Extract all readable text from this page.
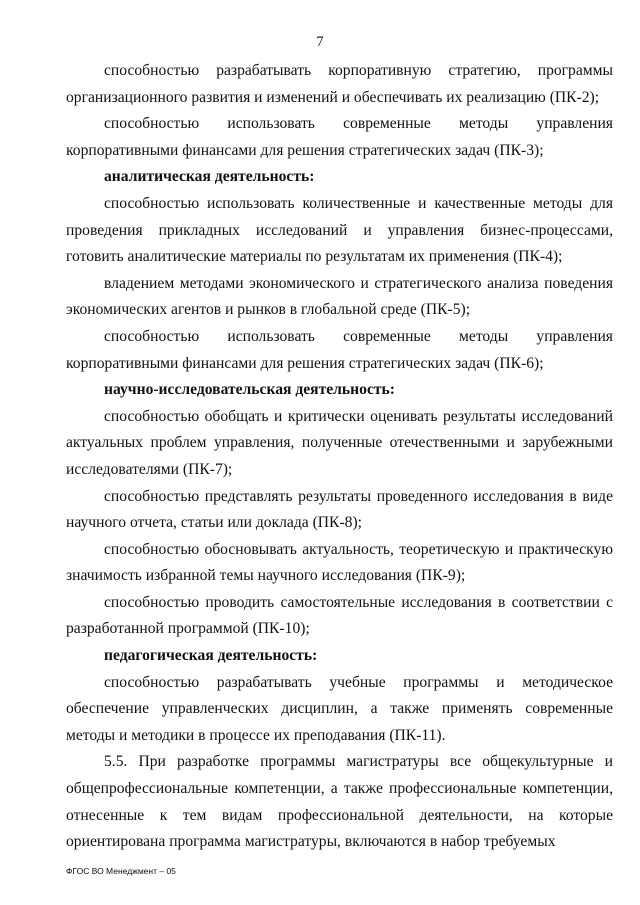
7

способностью разрабатывать корпоративную стратегию, программы организационного развития и изменений и обеспечивать их реализацию (ПК-2);

способностью использовать современные методы управления корпоративными финансами для решения стратегических задач (ПК-3);

аналитическая деятельность:

способностью использовать количественные и качественные методы для проведения прикладных исследований и управления бизнес-процессами, готовить аналитические материалы по результатам их применения (ПК-4);

владением методами экономического и стратегического анализа поведения экономических агентов и рынков в глобальной среде (ПК-5);

способностью использовать современные методы управления корпоративными финансами для решения стратегических задач (ПК-6);

научно-исследовательская деятельность:

способностью обобщать и критически оценивать результаты исследований актуальных проблем управления, полученные отечественными и зарубежными исследователями (ПК-7);

способностью представлять результаты проведенного исследования в виде научного отчета, статьи или доклада (ПК-8);

способностью обосновывать актуальность, теоретическую и практическую значимость избранной темы научного исследования (ПК-9);

способностью проводить самостоятельные исследования в соответствии с разработанной программой (ПК-10);

педагогическая деятельность:

способностью разрабатывать учебные программы и методическое обеспечение управленческих дисциплин, а также применять современные методы и методики в процессе их преподавания (ПК-11).

5.5. При разработке программы магистратуры все общекультурные и общепрофессиональные компетенции, а также профессиональные компетенции, отнесенные к тем видам профессиональной деятельности, на которые ориентирована программа магистратуры, включаются в набор требуемых

ФГОС ВО Менеджмент – 05
